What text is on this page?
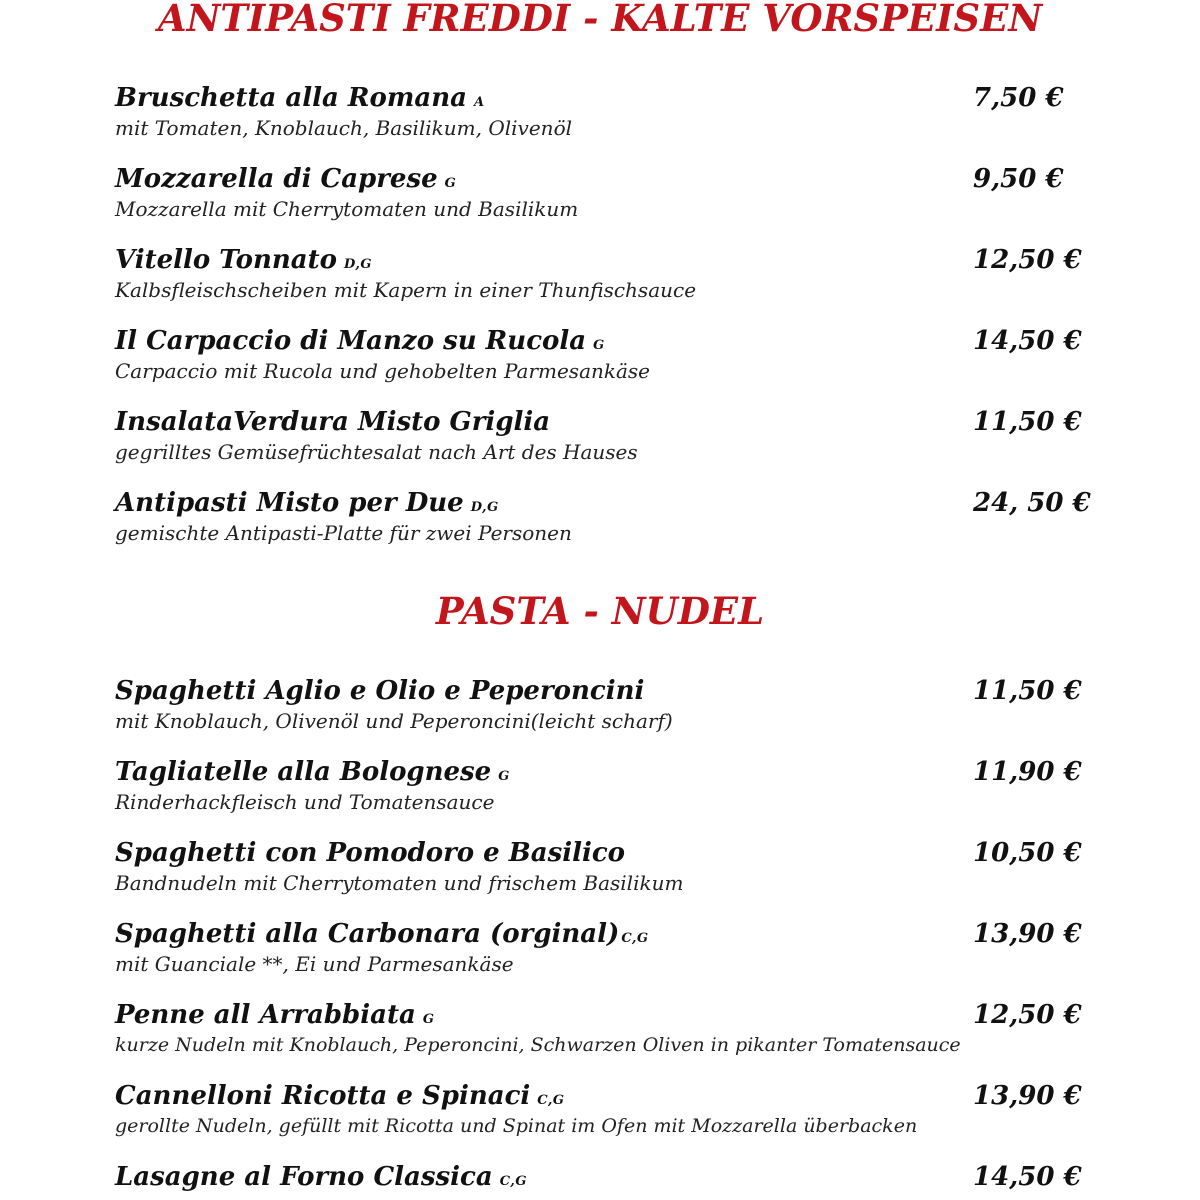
ANTIPASTI FREDDI - KALTE VORSPEISEN
Bruschetta alla Romana A
mit Tomaten, Knoblauch, Basilikum, Olivenöl
7,50 €
Mozzarella di Caprese G
Mozzarella mit Cherrytomaten und Basilikum
9,50 €
Vitello Tonnato D,G
Kalbsfleischscheiben mit Kapern in einer Thunfischsauce
12,50 €
Il Carpaccio di Manzo su Rucola G
Carpaccio mit Rucola und gehobelten Parmesankäse
14,50 €
InsalataVerdura Misto Griglia
gegrilltes Gemüsefrüchtesalat nach Art des Hauses
11,50 €
Antipasti Misto per Due D,G
gemischte Antipasti-Platte für zwei Personen
24, 50 €
PASTA - NUDEL
Spaghetti Aglio e Olio e Peperoncini
mit Knoblauch, Olivenöl und Peperoncini(leicht scharf)
11,50 €
Tagliatelle alla Bolognese G
Rinderhackfleisch und Tomatensauce
11,90 €
Spaghetti con Pomodoro e Basilico
Bandnudeln mit Cherrytomaten und frischem Basilikum
10,50 €
Spaghetti alla Carbonara (orginal) C,G
mit Guanciale **, Ei und Parmesankäse
13,90 €
Penne all Arrabbiata G
kurze Nudeln mit Knoblauch, Peperoncini, Schwarzen Oliven in pikanter Tomatensauce
12,50 €
Cannelloni Ricotta e Spinaci C,G
gerollte Nudeln, gefüllt mit Ricotta und Spinat im Ofen mit Mozzarella überbacken
13,90 €
Lasagne al Forno Classica C,G	14,50 €
